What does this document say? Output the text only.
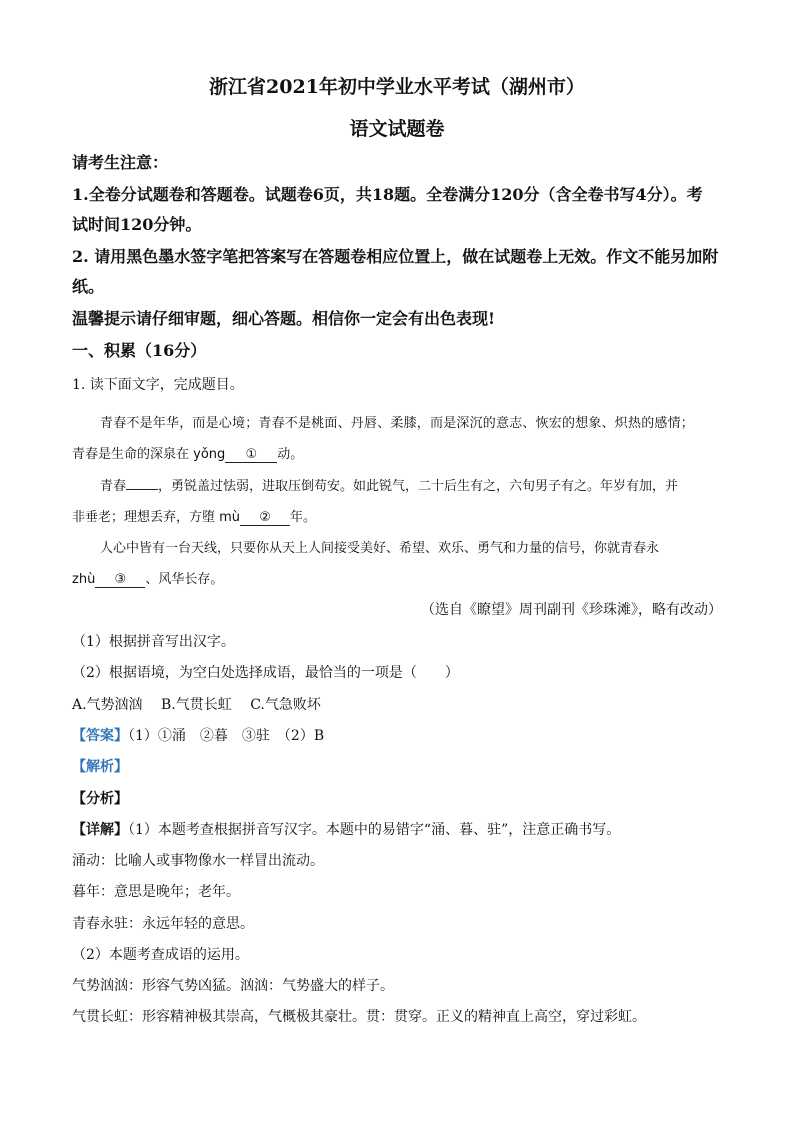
浙江省2021年初中学业水平考试（湖州市）
语文试题卷
请考生注意：
1.全卷分试题卷和答题卷。试题卷6页，共18题。全卷满分120分（含全卷书写4分）。考
试时间120分钟。
2. 请用黑色墨水签字笔把答案写在答题卷相应位置上，做在试题卷上无效。作文不能另加附
纸。
温馨提示请仔细审题，细心答题。相信你一定会有出色表现!
一、积累（16分）
1. 读下面文字，完成题目。
青春不是年华，而是心境；青春不是桃面、丹唇、柔膝，而是深沉的意志、恢宏的想象、炽热的感情；
青春是生命的深泉在 yǒng ① 动。
青春 ，勇锐盖过怯弱，进取压倒苟安。如此锐气，二十后生有之，六旬男子有之。年岁有加，并
非垂老；理想丢弃，方堕 mù ② 年。
人心中皆有一台天线，只要你从天上人间接受美好、希望、欢乐、勇气和力量的信号，你就青春永
zhù ③ 、风华长存。
（选自《瞭望》周刊副刊《珍珠滩》，略有改动）
（1）根据拼音写出汉字。
（2）根据语境，为空白处选择成语，最恰当的一项是（　　）
A.气势汹汹　 B.气贯长虹　 C.气急败坏
【答案】（1）①涌　②暮　③驻　（2）B
【解析】
【分析】
【详解】（1）本题考查根据拼音写汉字。本题中的易错字“涌、暮、驻”，注意正确书写。
涌动：比喻人或事物像水一样冒出流动。
暮年：意思是晚年；老年。
青春永驻：永远年轻的意思。
（2）本题考查成语的运用。
气势汹汹：形容气势凶猛。汹汹：气势盛大的样子。
气贯长虹：形容精神极其崇高，气概极其豪壮。贯：贯穿。正义的精神直上高空，穿过彩虹。
